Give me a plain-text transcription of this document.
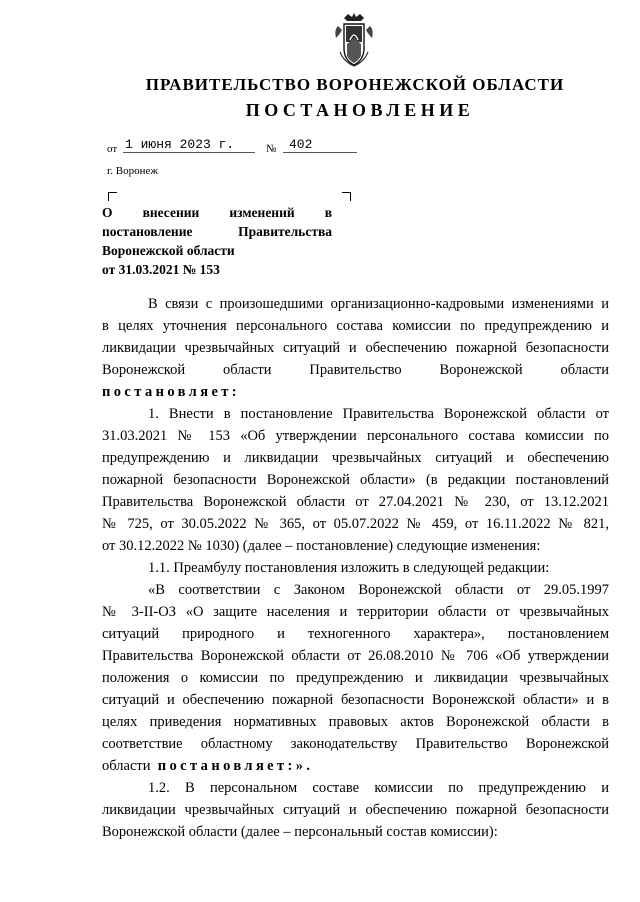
ПРАВИТЕЛЬСТВО ВОРОНЕЖСКОЙ ОБЛАСТИ
ПОСТАНОВЛЕНИЕ
от 1 июня 2023 г.	№ 402
г. Воронеж
О внесении изменений в
постановление Правительства
Воронежской области
от 31.03.2021 № 153
В связи с произошедшими организационно-кадровыми изменениями и
в целях уточнения персонального состава комиссии по предупреждению и
ликвидации чрезвычайных ситуаций и обеспечению пожарной безопасности
Воронежской области Правительство Воронежской области
постановляет:
1. Внести в постановление Правительства Воронежской области от
31.03.2021 № 153 «Об утверждении персонального состава комиссии по
предупреждению и ликвидации чрезвычайных ситуаций и обеспечению
пожарной безопасности Воронежской области» (в редакции постановлений
Правительства Воронежской области от 27.04.2021 № 230, от 13.12.2021
№ 725, от 30.05.2022 № 365, от 05.07.2022 № 459, от 16.11.2022 № 821,
от 30.12.2022 № 1030) (далее – постановление) следующие изменения:
1.1. Преамбулу постановления изложить в следующей редакции:
«В соответствии с Законом Воронежской области от 29.05.1997
№ 3-II-ОЗ «О защите населения и территории области от чрезвычайных
ситуаций природного и техногенного характера», постановлением
Правительства Воронежской области от 26.08.2010 № 706 «Об утверждении
положения о комиссии по предупреждению и ликвидации чрезвычайных
ситуаций и обеспечению пожарной безопасности Воронежской области» и в
целях приведения нормативных правовых актов Воронежской области в
соответствие областному законодательству Правительство Воронежской
области постановляет:».
1.2. В персональном составе комиссии по предупреждению и
ликвидации чрезвычайных ситуаций и обеспечению пожарной безопасности
Воронежской области (далее – персональный состав комиссии):
